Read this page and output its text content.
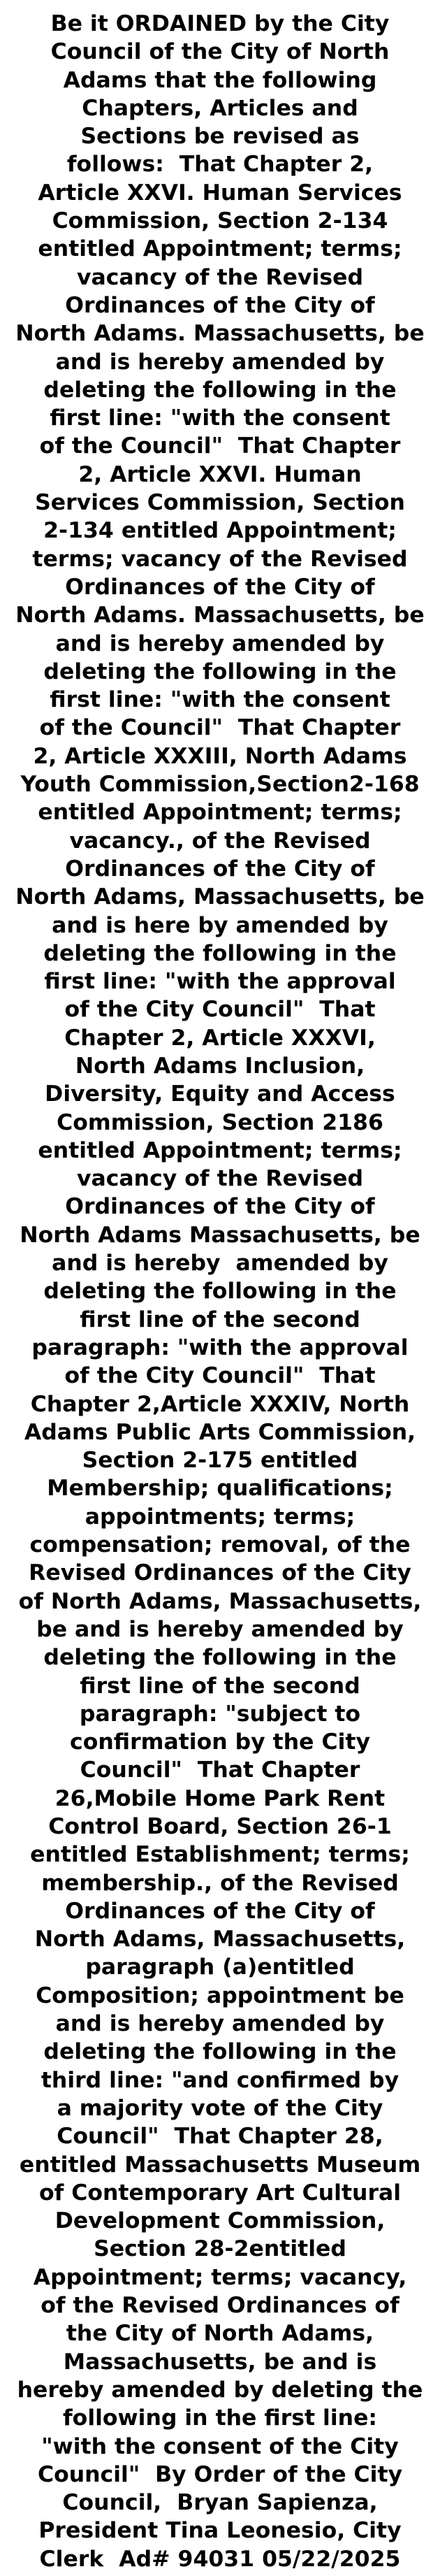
Be it ORDAINED by the City
Council of the City of North
Adams that the following
Chapters, Articles and
Sections be revised as
follows:  That Chapter 2,
Article XXVI. Human Services
Commission, Section 2-134
entitled Appointment; terms;
vacancy of the Revised
Ordinances of the City of
North Adams. Massachusetts, be
and is hereby amended by
deleting the following in the
first line: "with the consent
of the Council"  That Chapter
2, Article XXVI. Human
Services Commission, Section
2-134 entitled Appointment;
terms; vacancy of the Revised
Ordinances of the City of
North Adams. Massachusetts, be
and is hereby amended by
deleting the following in the
first line: "with the consent
of the Council"  That Chapter
2, Article XXXIII, North Adams
Youth Commission,Section2-168
entitled Appointment; terms;
vacancy., of the Revised
Ordinances of the City of
North Adams, Massachusetts, be
and is here by amended by
deleting the following in the
first line: "with the approval
of the City Council"  That
Chapter 2, Article XXXVI,
North Adams Inclusion,
Diversity, Equity and Access
Commission, Section 2186
entitled Appointment; terms;
vacancy of the Revised
Ordinances of the City of
North Adams Massachusetts, be
and is hereby  amended by
deleting the following in the
first line of the second
paragraph: "with the approval
of the City Council"  That
Chapter 2,Article XXXIV, North
Adams Public Arts Commission,
Section 2-175 entitled
Membership; qualifications;
appointments; terms;
compensation; removal, of the
Revised Ordinances of the City
of North Adams, Massachusetts,
be and is hereby amended by
deleting the following in the
first line of the second
paragraph: "subject to
confirmation by the City
Council"  That Chapter
26,Mobile Home Park Rent
Control Board, Section 26-1
entitled Establishment; terms;
membership., of the Revised
Ordinances of the City of
North Adams, Massachusetts,
paragraph (a)entitled
Composition; appointment be
and is hereby amended by
deleting the following in the
third line: "and confirmed by
a majority vote of the City
Council"  That Chapter 28,
entitled Massachusetts Museum
of Contemporary Art Cultural
Development Commission,
Section 28-2entitled
Appointment; terms; vacancy,
of the Revised Ordinances of
the City of North Adams,
Massachusetts, be and is
hereby amended by deleting the
following in the first line:
"with the consent of the City
Council"  By Order of the City
Council,  Bryan Sapienza,
President Tina Leonesio, City
Clerk  Ad# 94031 05/22/2025
